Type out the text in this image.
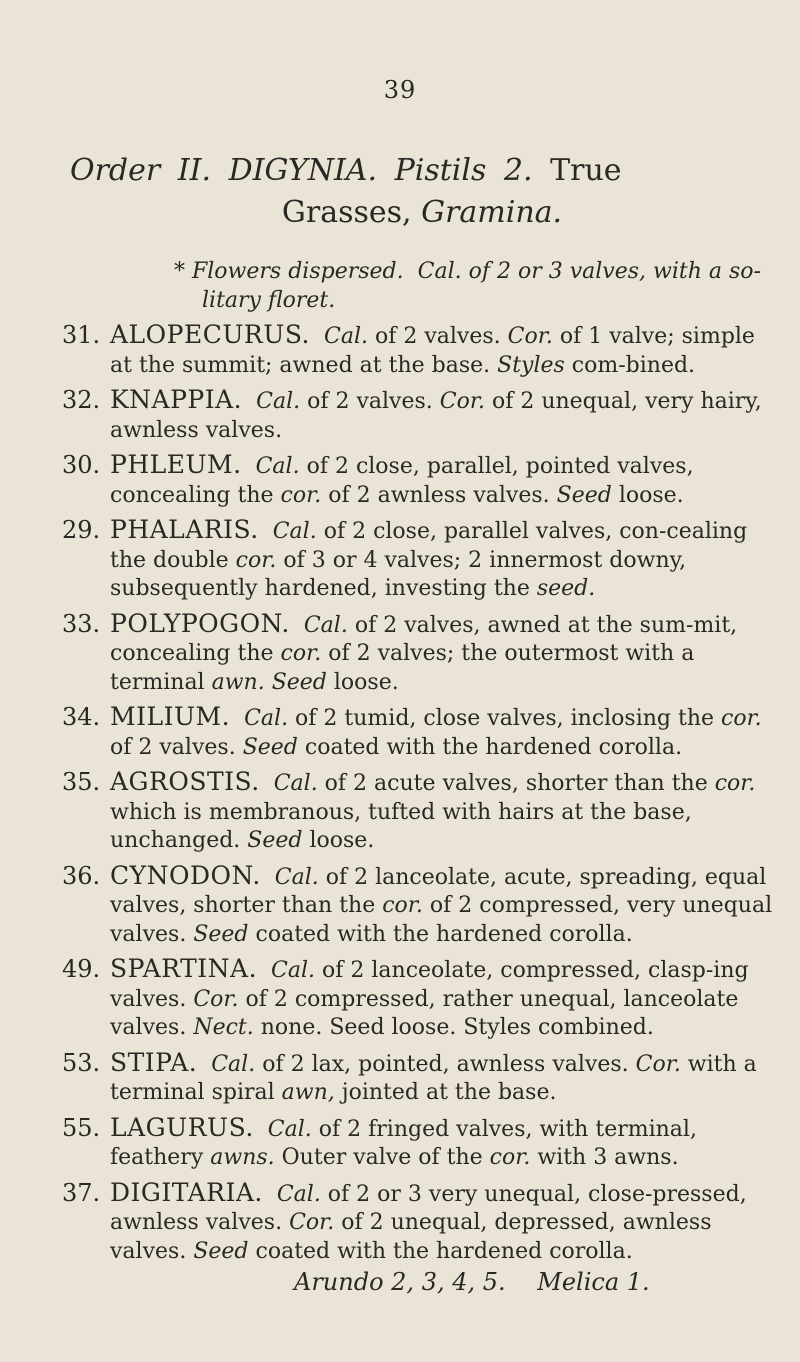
39
Order II. DIGYNIA. Pistils 2. True
Grasses, Gramina.
* Flowers dispersed. Cal. of 2 or 3 valves, with a so-litary floret.
31. ALOPECURUS. Cal. of 2 valves. Cor. of 1 valve; simple at the summit; awned at the base. Styles com-bined.
32. KNAPPIA. Cal. of 2 valves. Cor. of 2 unequal, very hairy, awnless valves.
30. PHLEUM. Cal. of 2 close, parallel, pointed valves, concealing the cor. of 2 awnless valves. Seed loose.
29. PHALARIS. Cal. of 2 close, parallel valves, con-cealing the double cor. of 3 or 4 valves; 2 innermost downy, subsequently hardened, investing the seed.
33. POLYPOGON. Cal. of 2 valves, awned at the sum-mit, concealing the cor. of 2 valves; the outermost with a terminal awn. Seed loose.
34. MILIUM. Cal. of 2 tumid, close valves, inclosing the cor. of 2 valves. Seed coated with the hardened corolla.
35. AGROSTIS. Cal. of 2 acute valves, shorter than the cor. which is membranous, tufted with hairs at the base, unchanged. Seed loose.
36. CYNODON. Cal. of 2 lanceolate, acute, spreading, equal valves, shorter than the cor. of 2 compressed, very unequal valves. Seed coated with the hardened corolla.
49. SPARTINA. Cal. of 2 lanceolate, compressed, clasp-ing valves. Cor. of 2 compressed, rather unequal, lanceolate valves. Nect. none. Seed loose. Styles combined.
53. STIPA. Cal. of 2 lax, pointed, awnless valves. Cor. with a terminal spiral awn, jointed at the base.
55. LAGURUS. Cal. of 2 fringed valves, with terminal, feathery awns. Outer valve of the cor. with 3 awns.
37. DIGITARIA. Cal. of 2 or 3 very unequal, close-pressed, awnless valves. Cor. of 2 unequal, depressed, awnless valves. Seed coated with the hardened corolla.
Arundo 2, 3, 4, 5. Melica 1.
